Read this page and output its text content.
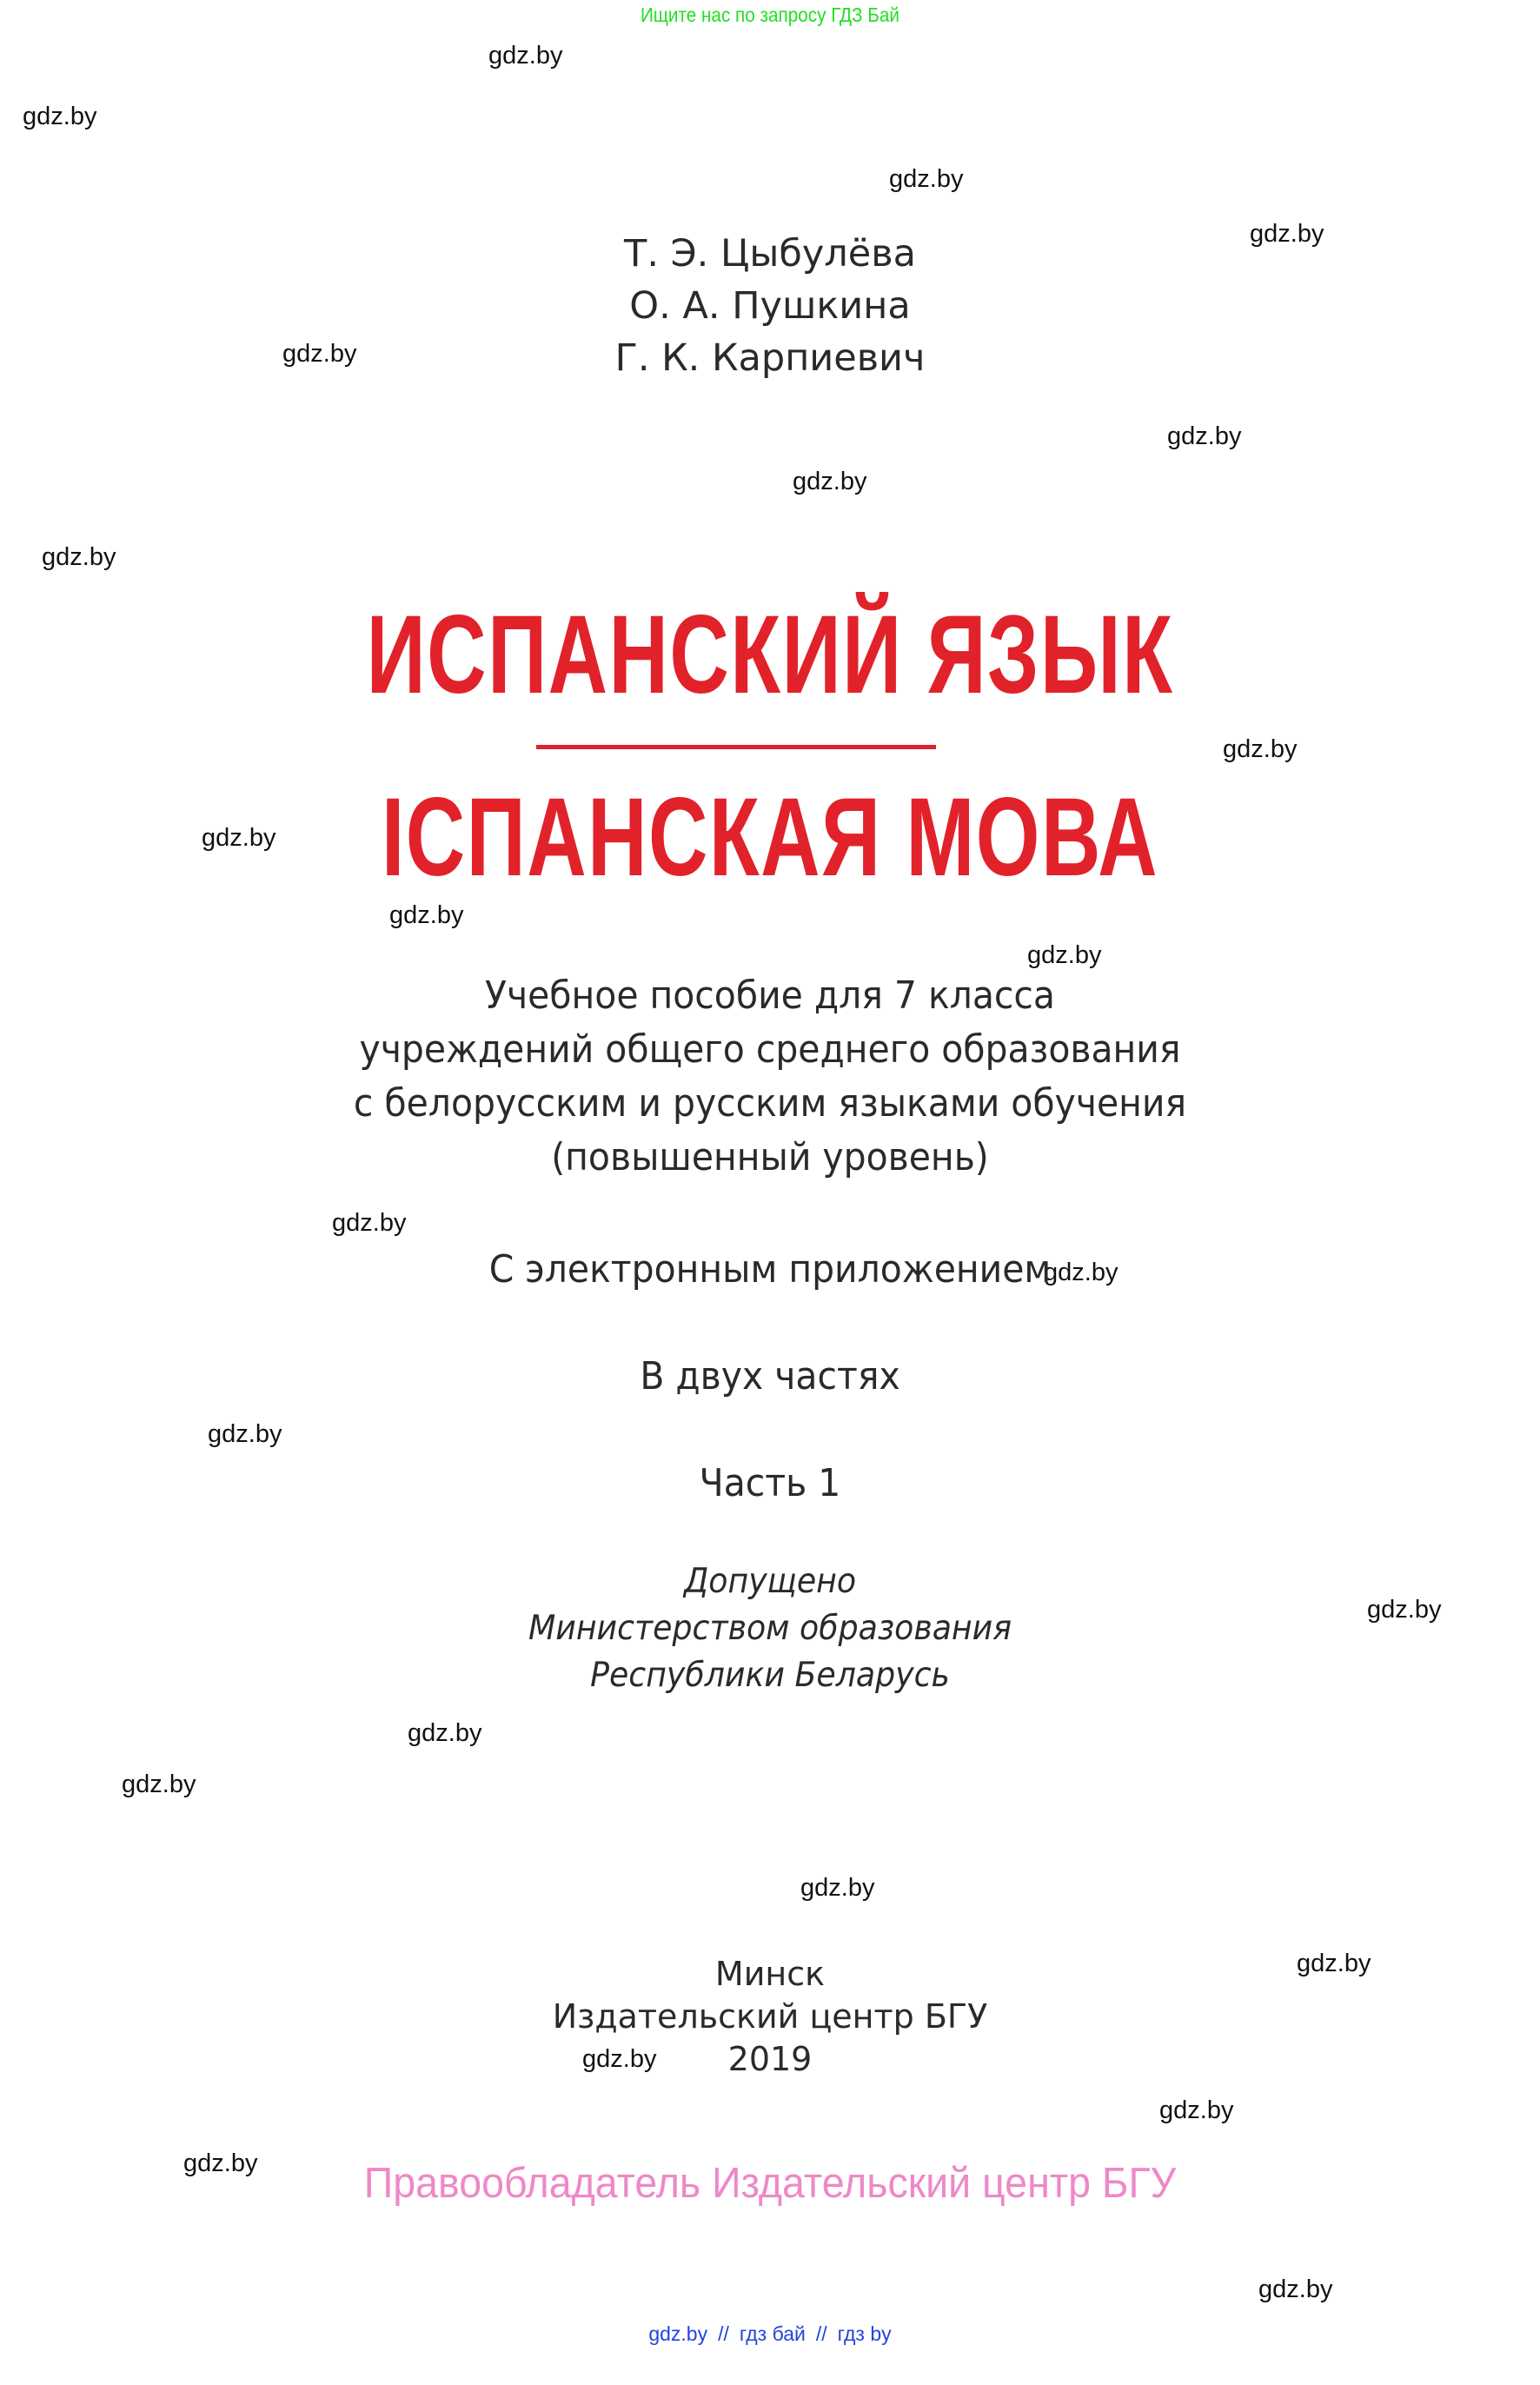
Ищите нас по запросу ГДЗ Бай
gdz.by
gdz.by
gdz.by
gdz.by
gdz.by
gdz.by
gdz.by
gdz.by
gdz.by
gdz.by
gdz.by
gdz.by
gdz.by
gdz.by
gdz.by
gdz.by
gdz.by
gdz.by
gdz.by
gdz.by
gdz.by
gdz.by
gdz.by
gdz.by
Т. Э. Цыбулёва
О. А. Пушкина
Г. К. Карпиевич
ИСПАНСКИЙ ЯЗЫК
ІСПАНСКАЯ МОВА
Учебное пособие для 7 класса
учреждений общего среднего образования
с белорусским и русским языками обучения
(повышенный уровень)
С электронным приложением
В двух частях
Часть 1
Допущено
Министерством образования
Республики Беларусь
Минск
Издательский центр БГУ
2019
Правообладатель Издательский центр БГУ
gdz.by // гдз бай // гдз by
